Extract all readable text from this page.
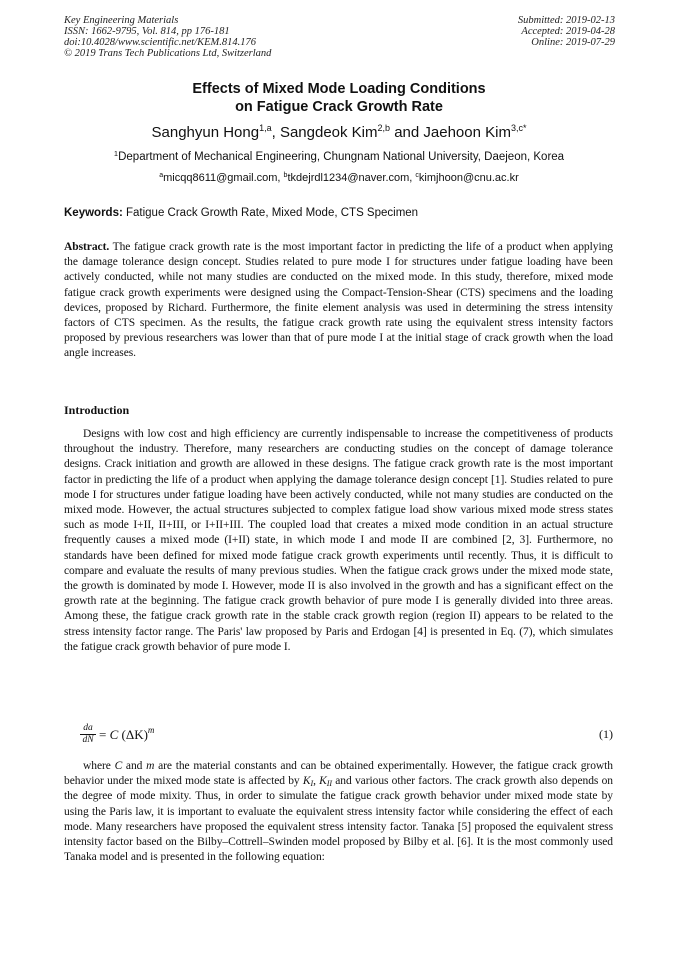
Key Engineering Materials
ISSN: 1662-9795, Vol. 814, pp 176-181
doi:10.4028/www.scientific.net/KEM.814.176
© 2019 Trans Tech Publications Ltd, Switzerland
Submitted: 2019-02-13
Accepted: 2019-04-28
Online: 2019-07-29
Effects of Mixed Mode Loading Conditions
on Fatigue Crack Growth Rate
Sanghyun Hong$^{1,a}$, Sangdeok Kim$^{2,b}$ and Jaehoon Kim$^{3,c*}$
$^1$Department of Mechanical Engineering, Chungnam National University, Daejeon, Korea
$^a$micqq8611@gmail.com, $^b$tkdejrdl1234@naver.com, $^c$kimjhoon@cnu.ac.kr
Keywords: Fatigue Crack Growth Rate, Mixed Mode, CTS Specimen
Abstract. The fatigue crack growth rate is the most important factor in predicting the life of a product when applying the damage tolerance design concept. Studies related to pure mode I for structures under fatigue loading have been actively conducted, while not many studies are conducted on the mixed mode. In this study, therefore, mixed mode fatigue crack growth experiments were designed using the Compact-Tension-Shear (CTS) specimens and the loading devices, proposed by Richard. Furthermore, the finite element analysis was used in determining the stress intensity factors of CTS specimen. As the results, the fatigue crack growth rate using the equivalent stress intensity factors proposed by previous researchers was lower than that of pure mode I at the initial stage of crack growth when the load angle increases.
Introduction
Designs with low cost and high efficiency are currently indispensable to increase the competitiveness of products throughout the industry. Therefore, many researchers are conducting studies on the concept of damage tolerance designs. Crack initiation and growth are allowed in these designs. The fatigue crack growth rate is the most important factor in predicting the life of a product when applying the damage tolerance design concept [1]. Studies related to pure mode I for structures under fatigue loading have been actively conducted, while not many studies are conducted on the mixed mode. However, the actual structures subjected to complex fatigue load show various mixed mode stress states such as mode I+II, II+III, or I+II+III. The coupled load that creates a mixed mode condition in an actual structure frequently causes a mixed mode (I+II) state, in which mode I and mode II are combined [2, 3]. Furthermore, no standards have been defined for mixed mode fatigue crack growth experiments until recently. Thus, it is difficult to compare and evaluate the results of many previous studies. When the fatigue crack grows under the mixed mode state, the growth is dominated by mode I. However, mode II is also involved in the growth and has a significant effect on the growth rate at the beginning. The fatigue crack growth behavior of pure mode I is generally divided into three areas. Among these, the fatigue crack growth rate in the stable crack growth region (region II) appears to be related to the stress intensity factor range. The Paris' law proposed by Paris and Erdogan [4] is presented in Eq. (7), which simulates the fatigue crack growth behavior of pure mode I.
$\frac{da}{dN} = C$ $(\Delta K)^m$	(1)
where C and m are the material constants and can be obtained experimentally. However, the fatigue crack growth behavior under the mixed mode state is affected by $K_I$, $K_{II}$ and various other factors. The crack growth also depends on the degree of mode mixity. Thus, in order to simulate the fatigue crack growth behavior under mixed mode state by using the Paris law, it is important to evaluate the equivalent stress intensity factor while considering the effect of each mode. Many researchers have proposed the equivalent stress intensity factor. Tanaka [5] proposed the equivalent stress intensity factor based on the Bilby–Cottrell–Swinden model proposed by Bilby et al. [6]. It is the most commonly used Tanaka model and is presented in the following equation:
